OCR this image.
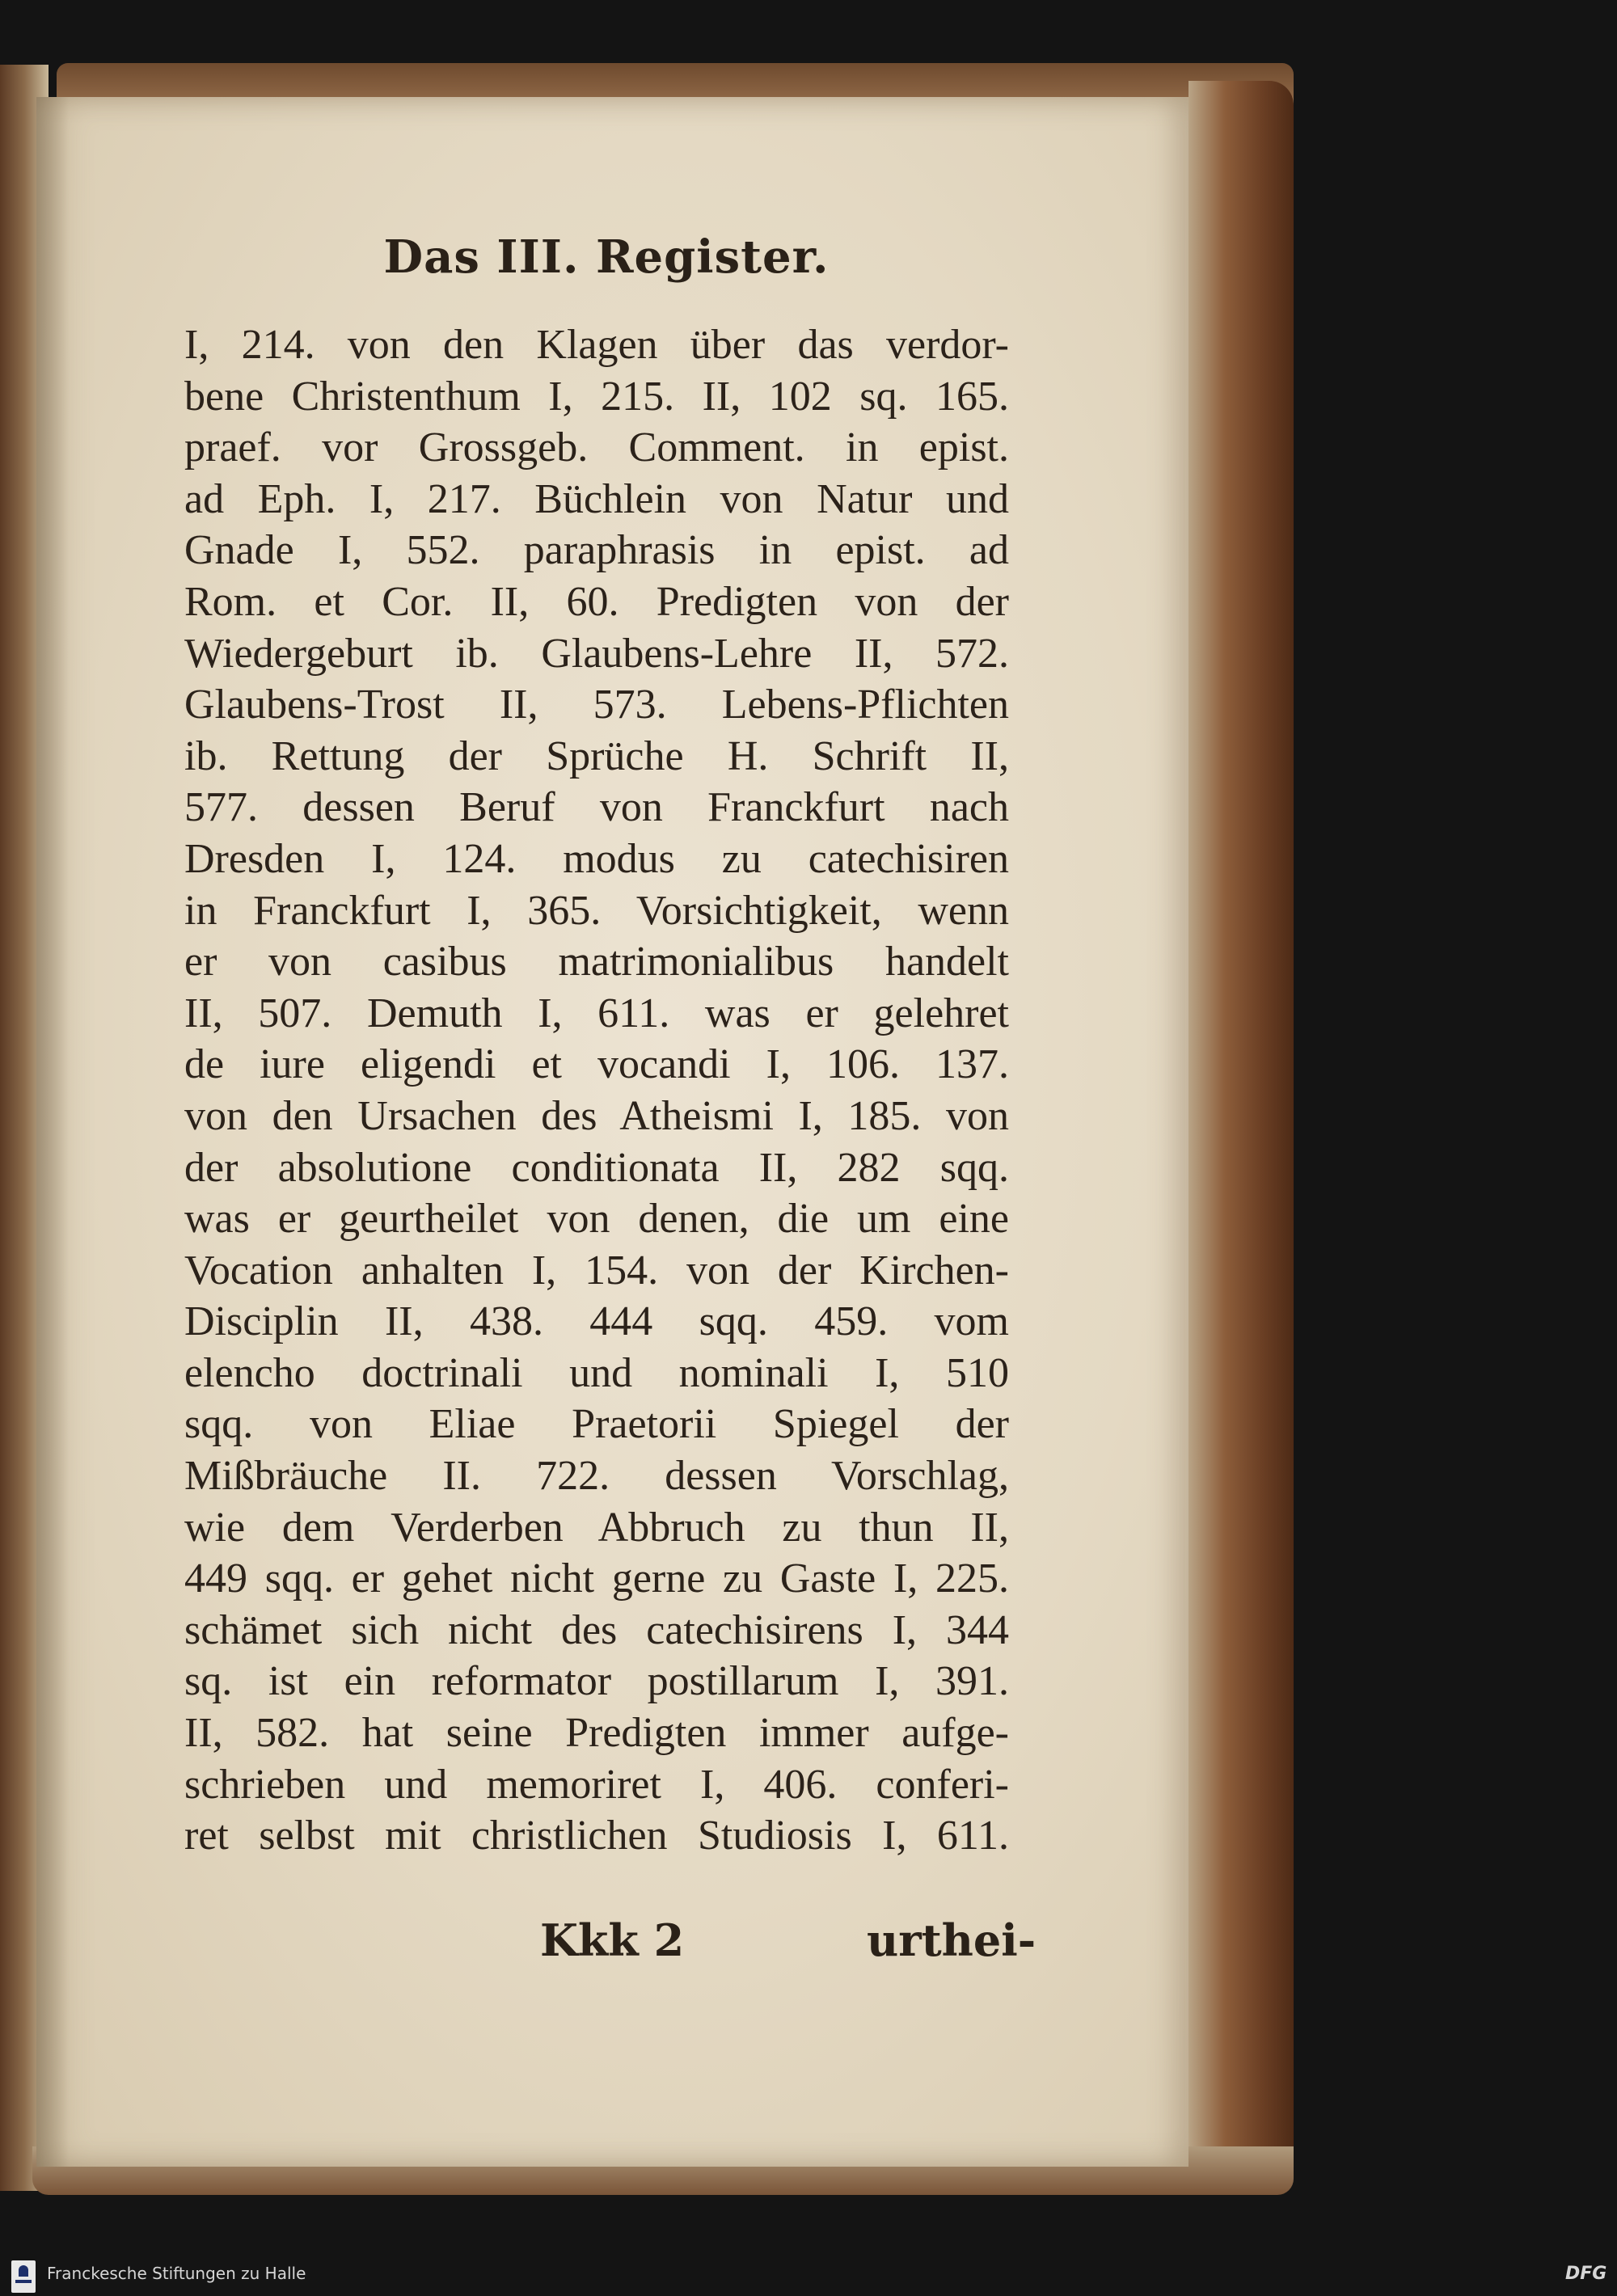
Das III. Register.
I, 214. von den Klagen über das verdor-
bene Christenthum I, 215. II, 102 sq. 165.
praef. vor Grossgeb. Comment. in epist.
ad Eph. I, 217. Büchlein von Natur und
Gnade I, 552. paraphrasis in epist. ad
Rom. et Cor. II, 60. Predigten von der
Wiedergeburt ib. Glaubens-Lehre II, 572.
Glaubens-Trost II, 573. Lebens-Pflichten
ib. Rettung der Sprüche H. Schrift II,
577. dessen Beruf von Franckfurt nach
Dresden I, 124. modus zu catechisiren
in Franckfurt I, 365. Vorsichtigkeit, wenn
er von casibus matrimonialibus handelt
II, 507. Demuth I, 611. was er gelehret
de iure eligendi et vocandi I, 106. 137.
von den Ursachen des Atheismi I, 185. von
der absolutione conditionata II, 282 sqq.
was er geurtheilet von denen, die um eine
Vocation anhalten I, 154. von der Kirchen-
Disciplin II, 438. 444 sqq. 459. vom
elencho doctrinali und nominali I, 510
sqq. von Eliae Praetorii Spiegel der
Mißbräuche II. 722. dessen Vorschlag,
wie dem Verderben Abbruch zu thun II,
449 sqq. er gehet nicht gerne zu Gaste I, 225.
schämet sich nicht des catechisirens I, 344
sq. ist ein reformator postillarum I, 391.
II, 582. hat seine Predigten immer aufge-
schrieben und memoriret I, 406. conferi-
ret selbst mit christlichen Studiosis I, 611.
Kkk 2	urthei-
Franckesche Stiftungen zu Halle	DFG
